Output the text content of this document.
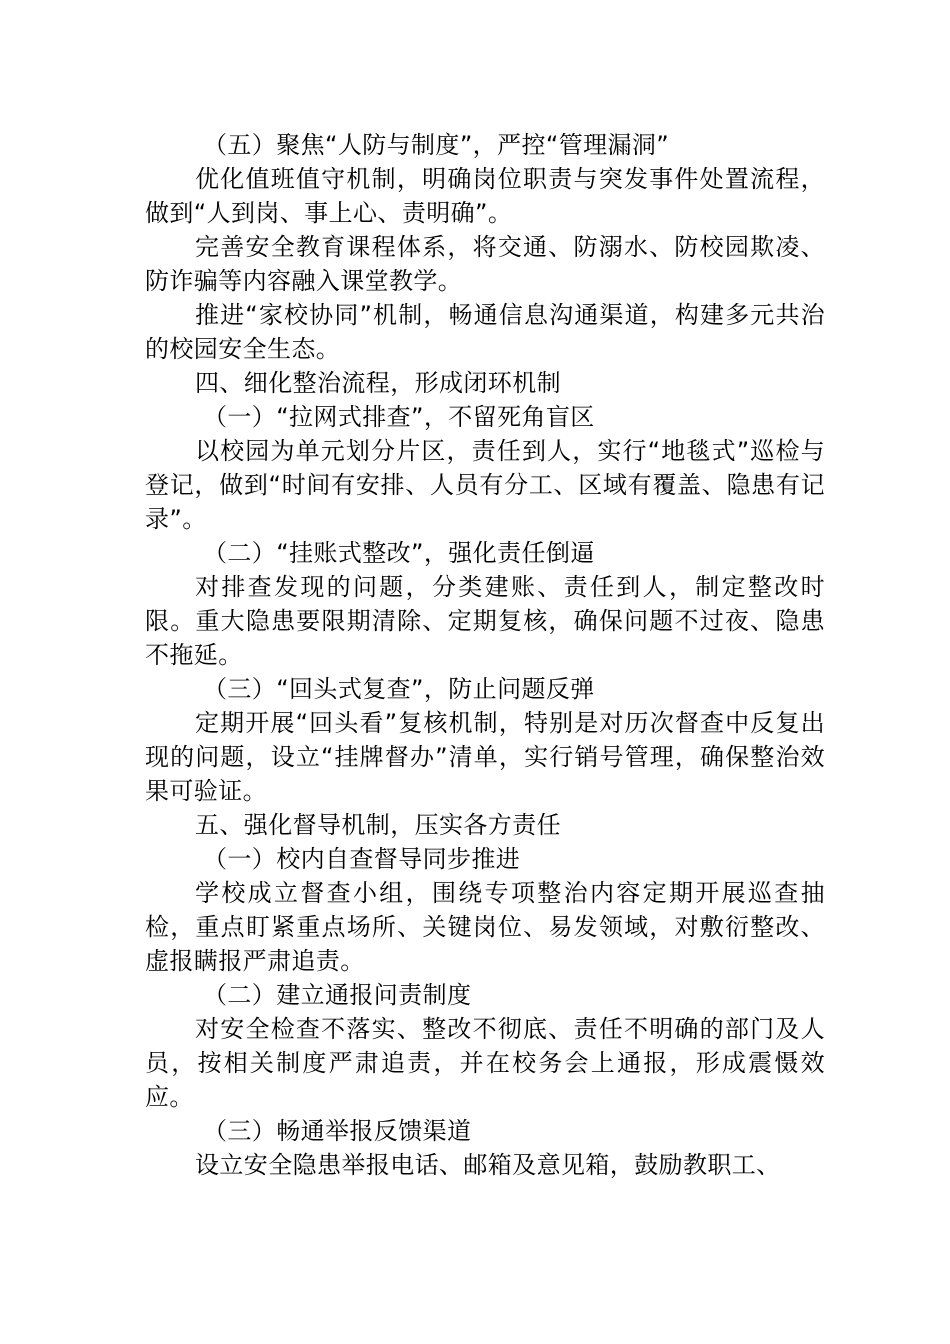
（五）聚焦“人防与制度”，严控“管理漏洞”

优化值班值守机制，明确岗位职责与突发事件处置流程，做到“人到岗、事上心、责明确”。

完善安全教育课程体系，将交通、防溺水、防校园欺凌、防诈骗等内容融入课堂教学。

推进“家校协同”机制，畅通信息沟通渠道，构建多元共治的校园安全生态。

四、细化整治流程，形成闭环机制

（一）“拉网式排查”，不留死角盲区

以校园为单元划分片区，责任到人，实行“地毯式”巡检与登记，做到“时间有安排、人员有分工、区域有覆盖、隐患有记录”。

（二）“挂账式整改”，强化责任倒逼

对排查发现的问题，分类建账、责任到人，制定整改时限。重大隐患要限期清除、定期复核，确保问题不过夜、隐患不拖延。

（三）“回头式复查”，防止问题反弹

定期开展“回头看”复核机制，特别是对历次督查中反复出现的问题，设立“挂牌督办”清单，实行销号管理，确保整治效果可验证。

五、强化督导机制，压实各方责任

（一）校内自查督导同步推进

学校成立督查小组，围绕专项整治内容定期开展巡查抽检，重点盯紧重点场所、关键岗位、易发领域，对敷衍整改、虚报瞒报严肃追责。

（二）建立通报问责制度

对安全检查不落实、整改不彻底、责任不明确的部门及人员，按相关制度严肃追责，并在校务会上通报，形成震慑效应。

（三）畅通举报反馈渠道

设立安全隐患举报电话、邮箱及意见箱，鼓励教职工、
